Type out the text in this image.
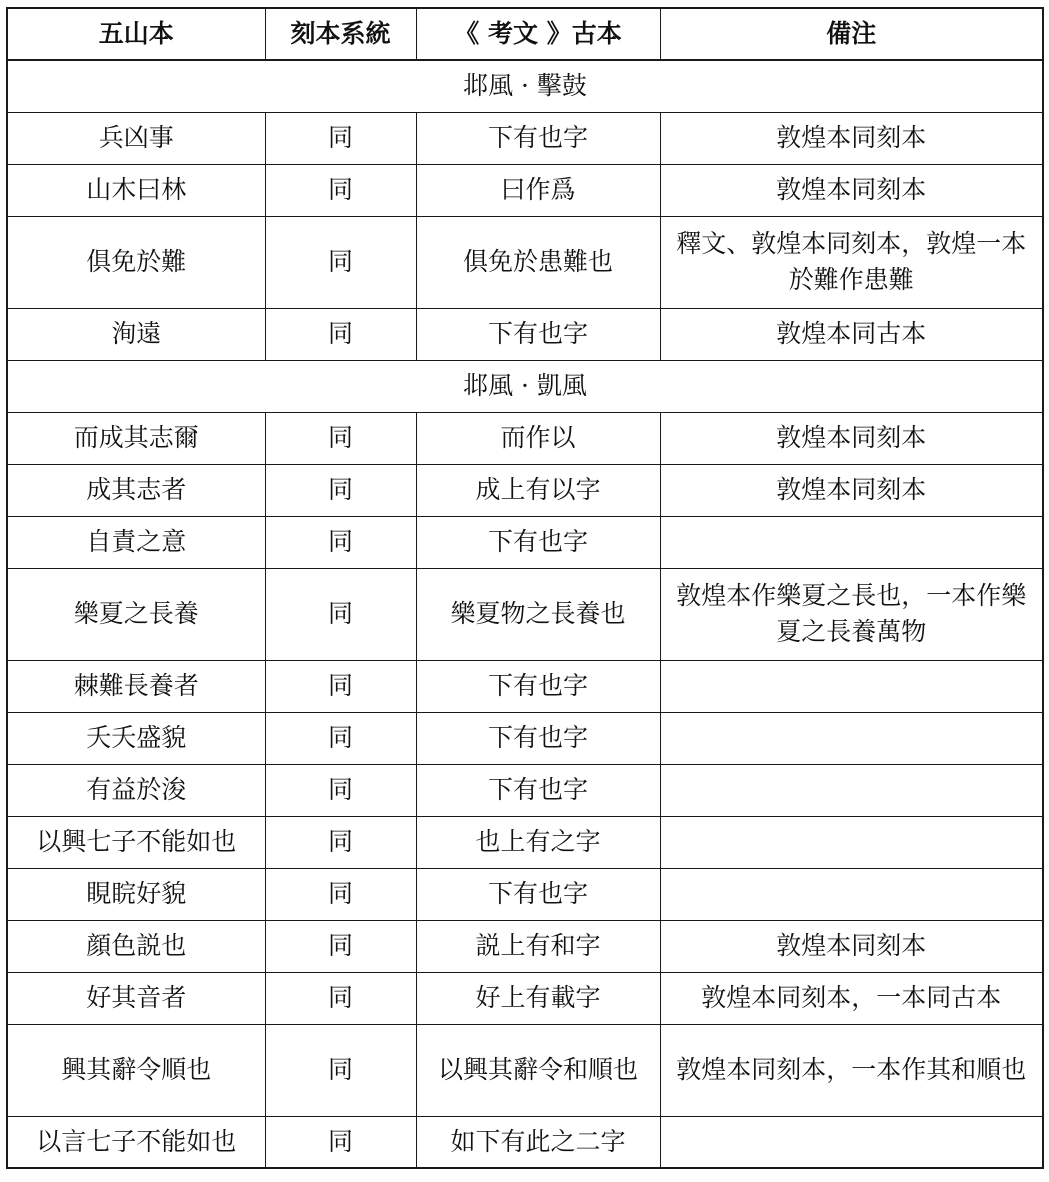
五山本	刻本系統	《 考文 》古本	備注
邶風 · 擊鼓			
兵凶事	同	下有也字	敦煌本同刻本
山木曰林	同	曰作爲	敦煌本同刻本
俱免於難	同	俱免於患難也	釋文、敦煌本同刻本，敦煌一本於難作患難
洵遠	同	下有也字	敦煌本同古本
邶風 · 凱風			
而成其志爾	同	而作以	敦煌本同刻本
成其志者	同	成上有以字	敦煌本同刻本
自責之意	同	下有也字	
樂夏之長養	同	樂夏物之長養也	敦煌本作樂夏之長也，一本作樂夏之長養萬物
棘難長養者	同	下有也字	
夭夭盛貌	同	下有也字	
有益於浚	同	下有也字	
以興七子不能如也	同	也上有之字	
睍睆好貌	同	下有也字	
顔色説也	同	説上有和字	敦煌本同刻本
好其音者	同	好上有載字	敦煌本同刻本，一本同古本
興其辭令順也	同	以興其辭令和順也	敦煌本同刻本，一本作其和順也
以言七子不能如也	同	如下有此之二字	
